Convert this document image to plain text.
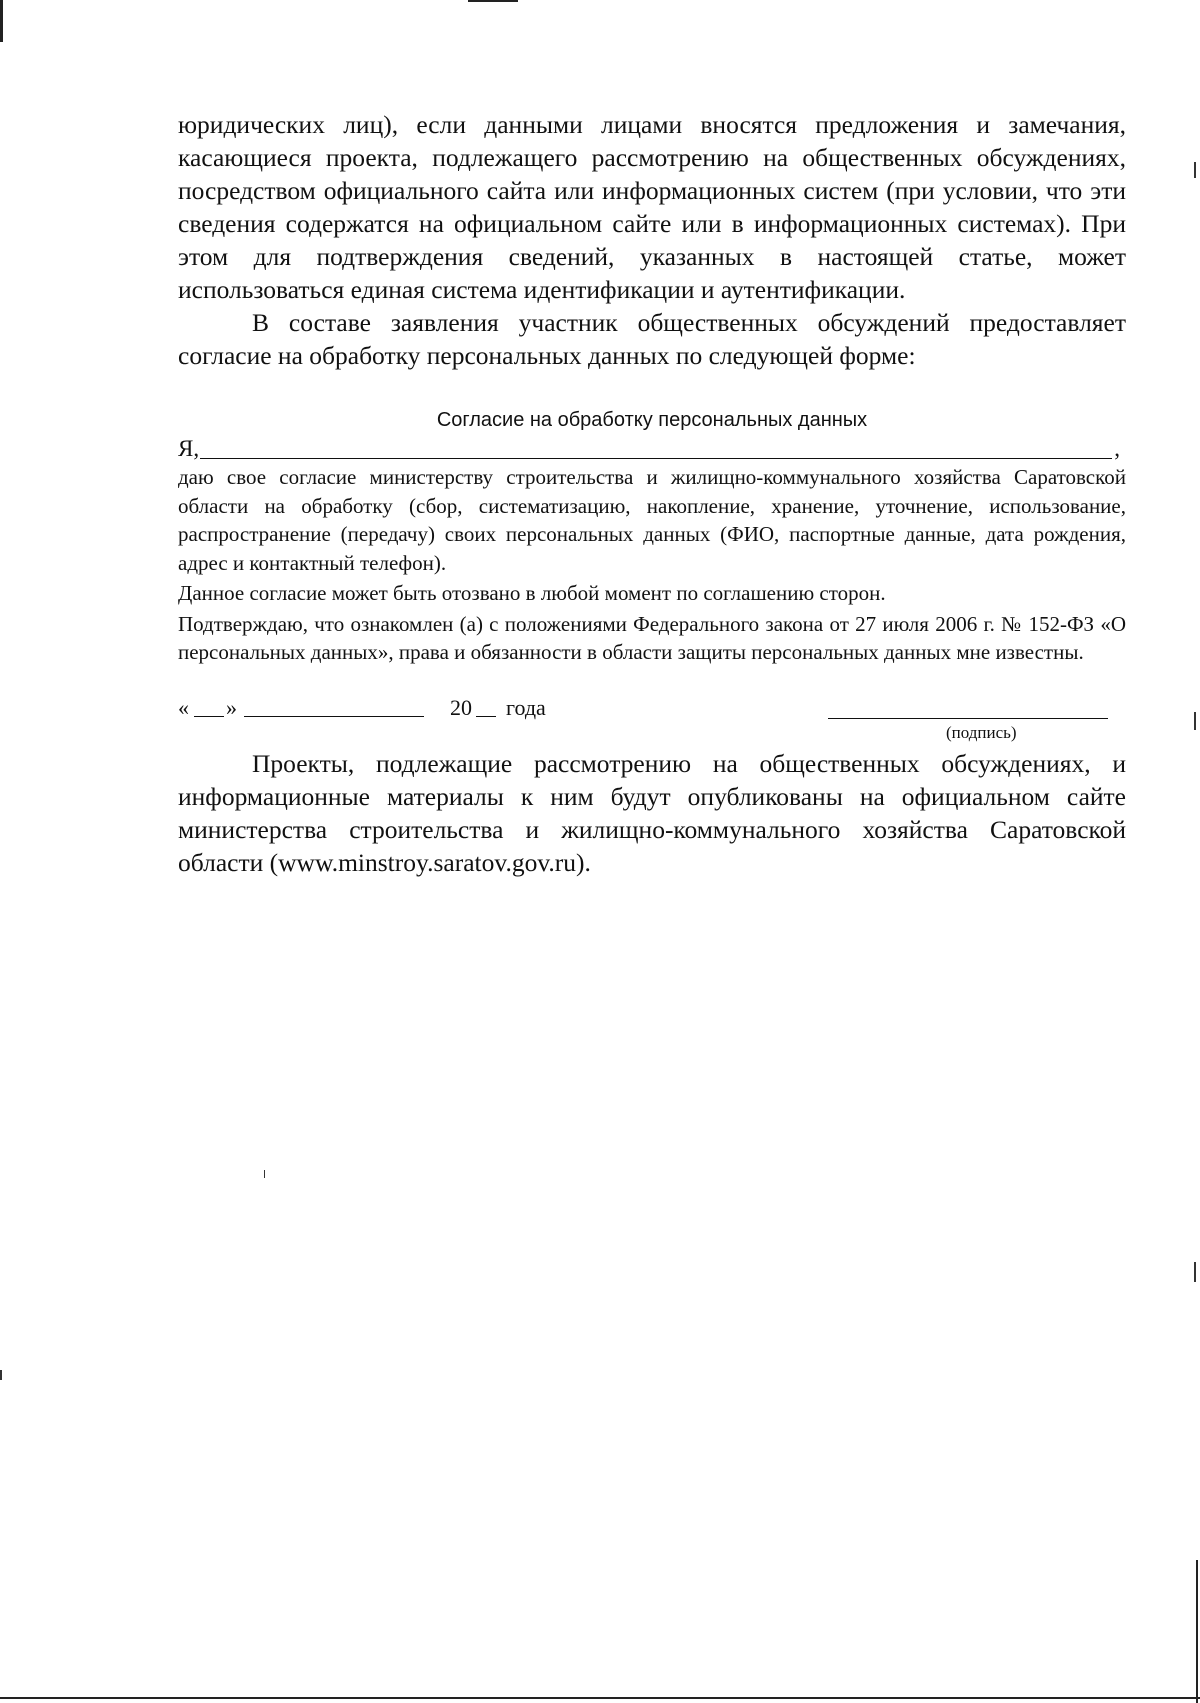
юридических лиц), если данными лицами вносятся предложения и замечания, касающиеся проекта, подлежащего рассмотрению на общественных обсуждениях, посредством официального сайта или информационных систем (при условии, что эти сведения содержатся на официальном сайте или в информационных системах). При этом для подтверждения сведений, указанных в настоящей статье, может использоваться единая система идентификации и аутентификации.

В составе заявления участник общественных обсуждений предоставляет согласие на обработку персональных данных по следующей форме:

Согласие на обработку персональных данных
Я,	,

даю свое согласие министерству строительства и жилищно-коммунального хозяйства Саратовской области на обработку (сбор, систематизацию, накопление, хранение, уточнение, использование, распространение (передачу) своих персональных данных (ФИО, паспортные данные, дата рождения, адрес и контактный телефон).

Данное согласие может быть отозвано в любой момент по соглашению сторон.

Подтверждаю, что ознакомлен (а) с положениями Федерального закона от 27 июля 2006 г. № 152-ФЗ «О персональных данных», права и обязанности в области защиты персональных данных мне известны.

« »	20 года
(подпись)

Проекты, подлежащие рассмотрению на общественных обсуждениях, и информационные материалы к ним будут опубликованы на официальном сайте министерства строительства и жилищно-коммунального хозяйства Саратовской области (www.minstroy.saratov.gov.ru).
